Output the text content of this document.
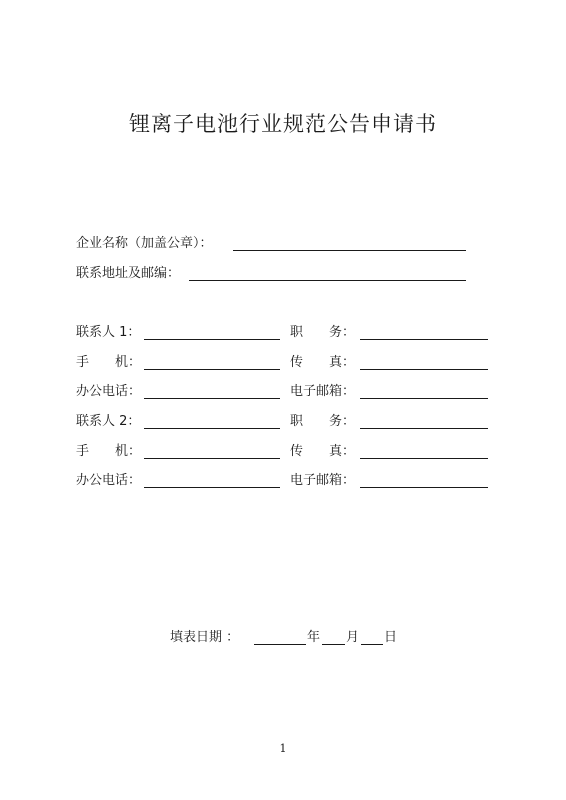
锂离子电池行业规范公告申请书
企业名称（加盖公章）：
联系地址及邮编：
联系人 1：	职　　务：
手　　机：	传　　真：
办公电话：	电子邮箱：
联系人 2：	职　　务：
手　　机：	传　　真：
办公电话：	电子邮箱：
填表日期 ：	年 月 日
1
